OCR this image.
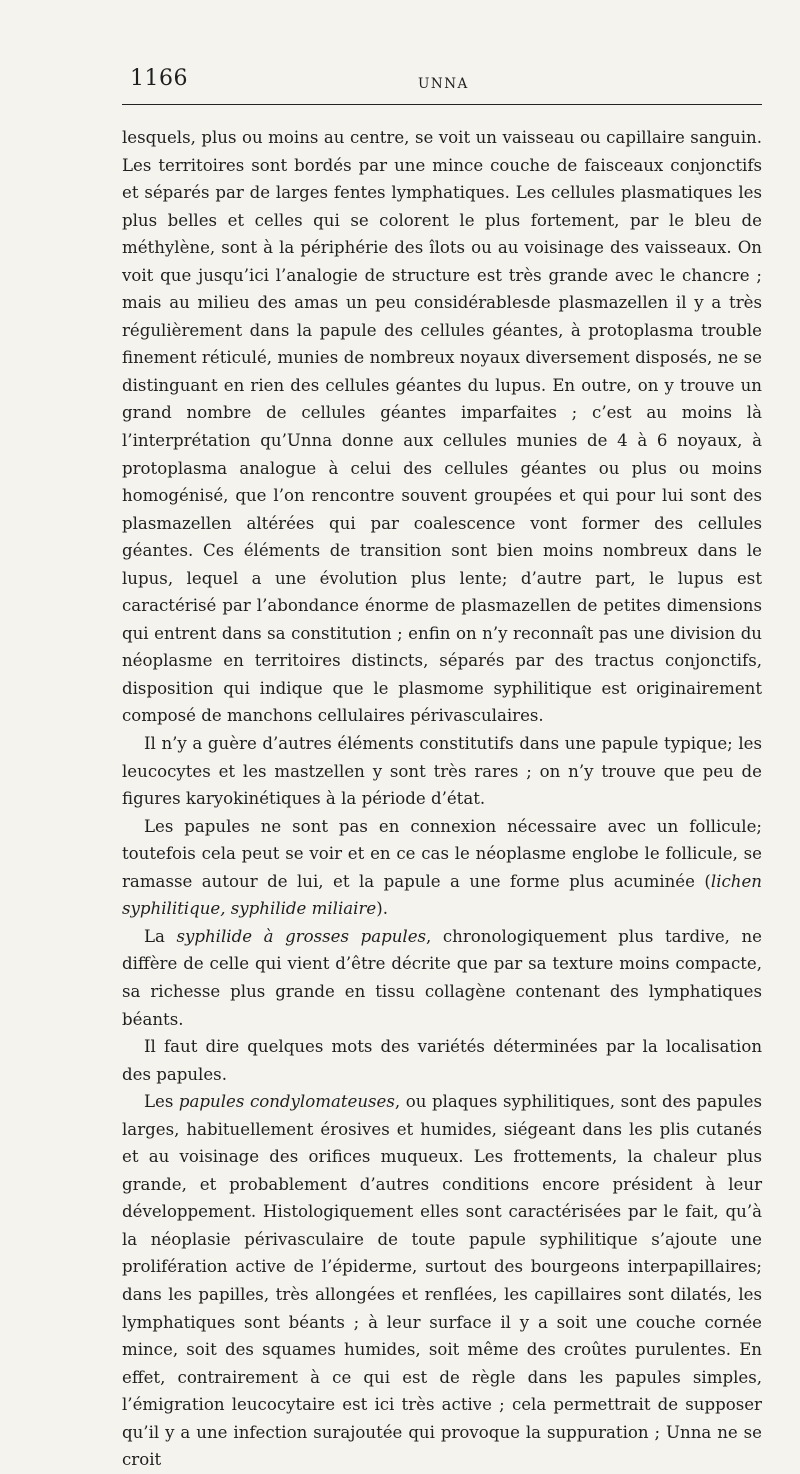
1166	UNNA

lesquels, plus ou moins au centre, se voit un vaisseau ou capillaire sanguin. Les territoires sont bordés par une mince couche de faisceaux conjonctifs et séparés par de larges fentes lymphatiques. Les cellules plasmatiques les plus belles et celles qui se colorent le plus fortement, par le bleu de méthylène, sont à la périphérie des îlots ou au voisinage des vaisseaux. On voit que jusqu’ici l’analogie de structure est très grande avec le chancre ; mais au milieu des amas un peu considérablesde plasmazellen il y a très régulièrement dans la papule des cellules géantes, à protoplasma trouble finement réticulé, munies de nombreux noyaux diversement disposés, ne se distinguant en rien des cellules géantes du lupus. En outre, on y trouve un grand nombre de cellules géantes imparfaites ; c’est au moins là l’interprétation qu’Unna donne aux cellules munies de 4 à 6 noyaux, à protoplasma analogue à celui des cellules géantes ou plus ou moins homogénisé, que l’on rencontre souvent groupées et qui pour lui sont des plasmazellen altérées qui par coalescence vont former des cellules géantes. Ces éléments de transition sont bien moins nombreux dans le lupus, lequel a une évolution plus lente; d’autre part, le lupus est caractérisé par l’abondance énorme de plasmazellen de petites dimensions qui entrent dans sa constitution ; enfin on n’y reconnaît pas une division du néoplasme en territoires distincts, séparés par des tractus conjonctifs, disposition qui indique que le plasmome syphilitique est originairement composé de manchons cellulaires périvasculaires.

Il n’y a guère d’autres éléments constitutifs dans une papule typique; les leucocytes et les mastzellen y sont très rares ; on n’y trouve que peu de figures karyokinétiques à la période d’état.

Les papules ne sont pas en connexion nécessaire avec un follicule; toutefois cela peut se voir et en ce cas le néoplasme englobe le follicule, se ramasse autour de lui, et la papule a une forme plus acuminée (lichen syphilitique, syphilide miliaire).

La syphilide à grosses papules, chronologiquement plus tardive, ne diffère de celle qui vient d’être décrite que par sa texture moins compacte, sa richesse plus grande en tissu collagène contenant des lymphatiques béants.

Il faut dire quelques mots des variétés déterminées par la localisation des papules.

Les papules condylomateuses, ou plaques syphilitiques, sont des papules larges, habituellement érosives et humides, siégeant dans les plis cutanés et au voisinage des orifices muqueux. Les frottements, la chaleur plus grande, et probablement d’autres conditions encore président à leur développement. Histologiquement elles sont caractérisées par le fait, qu’à la néoplasie périvasculaire de toute papule syphilitique s’ajoute une prolifération active de l’épiderme, surtout des bourgeons interpapillaires; dans les papilles, très allongées et renflées, les capillaires sont dilatés, les lymphatiques sont béants ; à leur surface il y a soit une couche cornée mince, soit des squames humides, soit même des croûtes purulentes. En effet, contrairement à ce qui est de règle dans les papules simples, l’émigration leucocytaire est ici très active ; cela permettrait de supposer qu’il y a une infection surajoutée qui provoque la suppuration ; Unna ne se croit
